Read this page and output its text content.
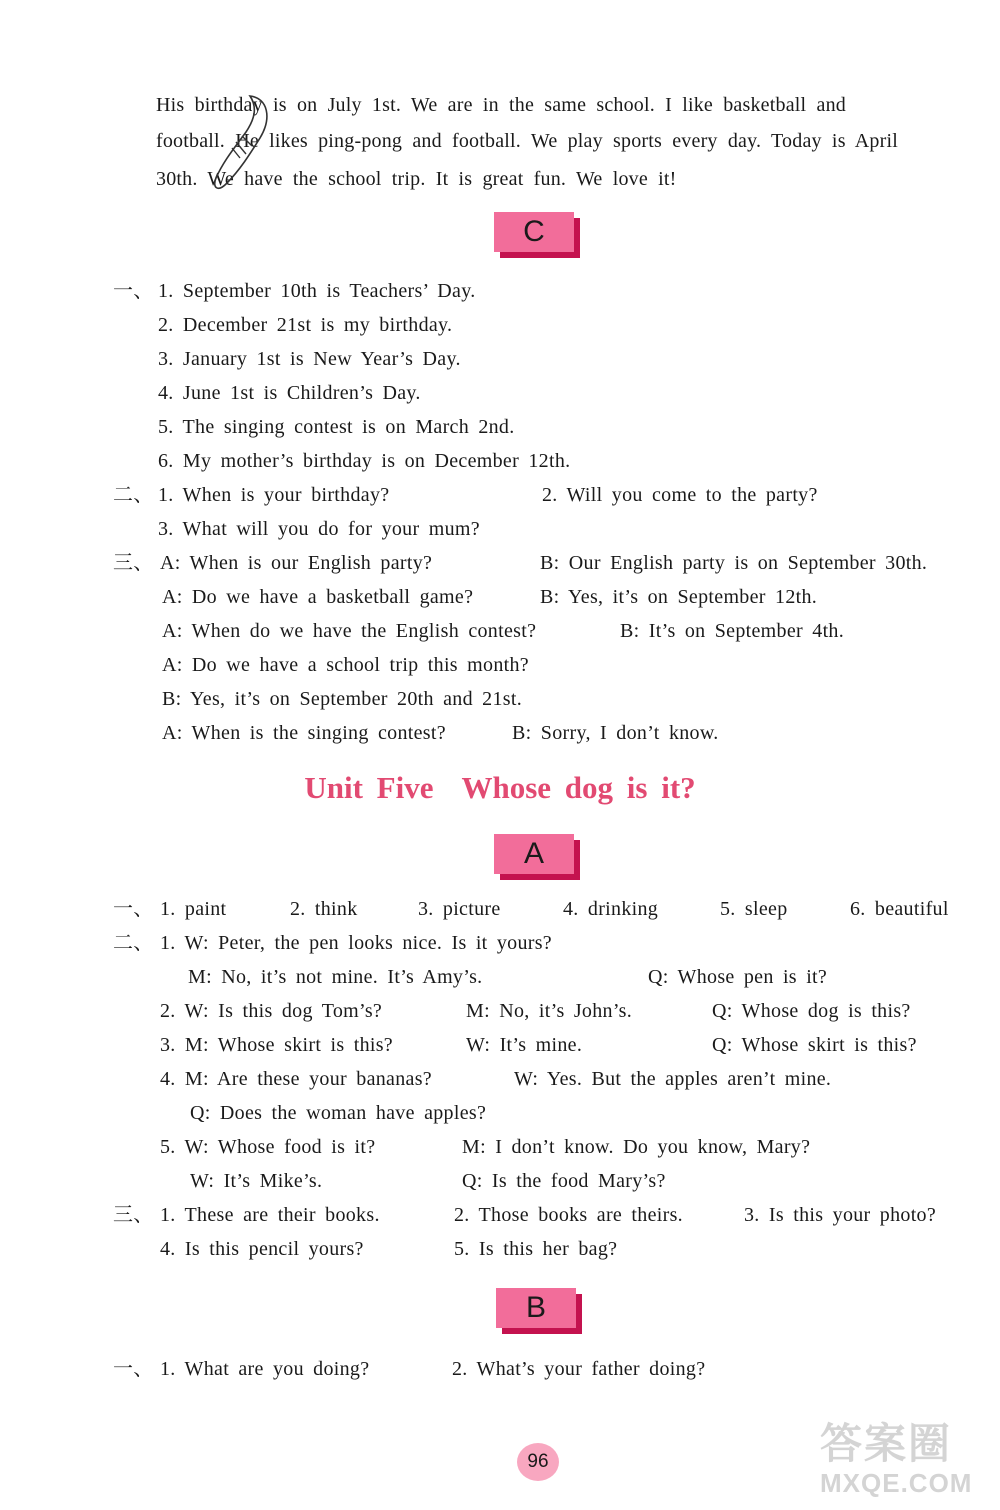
His birthday is on July 1st. We are in the same school. I like basketball and
football. He likes ping-pong and football. We play sports every day. Today is April
30th. We have the school trip. It is great fun. We love it!
C
一、 1. September 10th is Teachers’ Day.
2. December 21st is my birthday.
3. January 1st is New Year’s Day.
4. June 1st is Children’s Day.
5. The singing contest is on March 2nd.
6. My mother’s birthday is on December 12th.
二、 1. When is your birthday?	2. Will you come to the party?
3. What will you do for your mum?
三、 A: When is our English party?	B: Our English party is on September 30th.
A: Do we have a basketball game?	B: Yes, it’s on September 12th.
A: When do we have the English contest?	B: It’s on September 4th.
A: Do we have a school trip this month?
B: Yes, it’s on September 20th and 21st.
A: When is the singing contest?	B: Sorry, I don’t know.
Unit Five Whose dog is it?
A
一、 1. paint	2. think	3. picture	4. drinking	5. sleep	6. beautiful
二、 1. W: Peter, the pen looks nice. Is it yours?
M: No, it’s not mine. It’s Amy’s.	Q: Whose pen is it?
2. W: Is this dog Tom’s?	M: No, it’s John’s.	Q: Whose dog is this?
3. M: Whose skirt is this?	W: It’s mine.	Q: Whose skirt is this?
4. M: Are these your bananas?	W: Yes. But the apples aren’t mine.
Q: Does the woman have apples?
5. W: Whose food is it?	M: I don’t know. Do you know, Mary?
W: It’s Mike’s.	Q: Is the food Mary’s?
三、 1. These are their books.	2. Those books are theirs.	3. Is this your photo?
4. Is this pencil yours?	5. Is this her bag?
B
一、 1. What are you doing?	2. What’s your father doing?
96	答案圈
MXQE.COM
